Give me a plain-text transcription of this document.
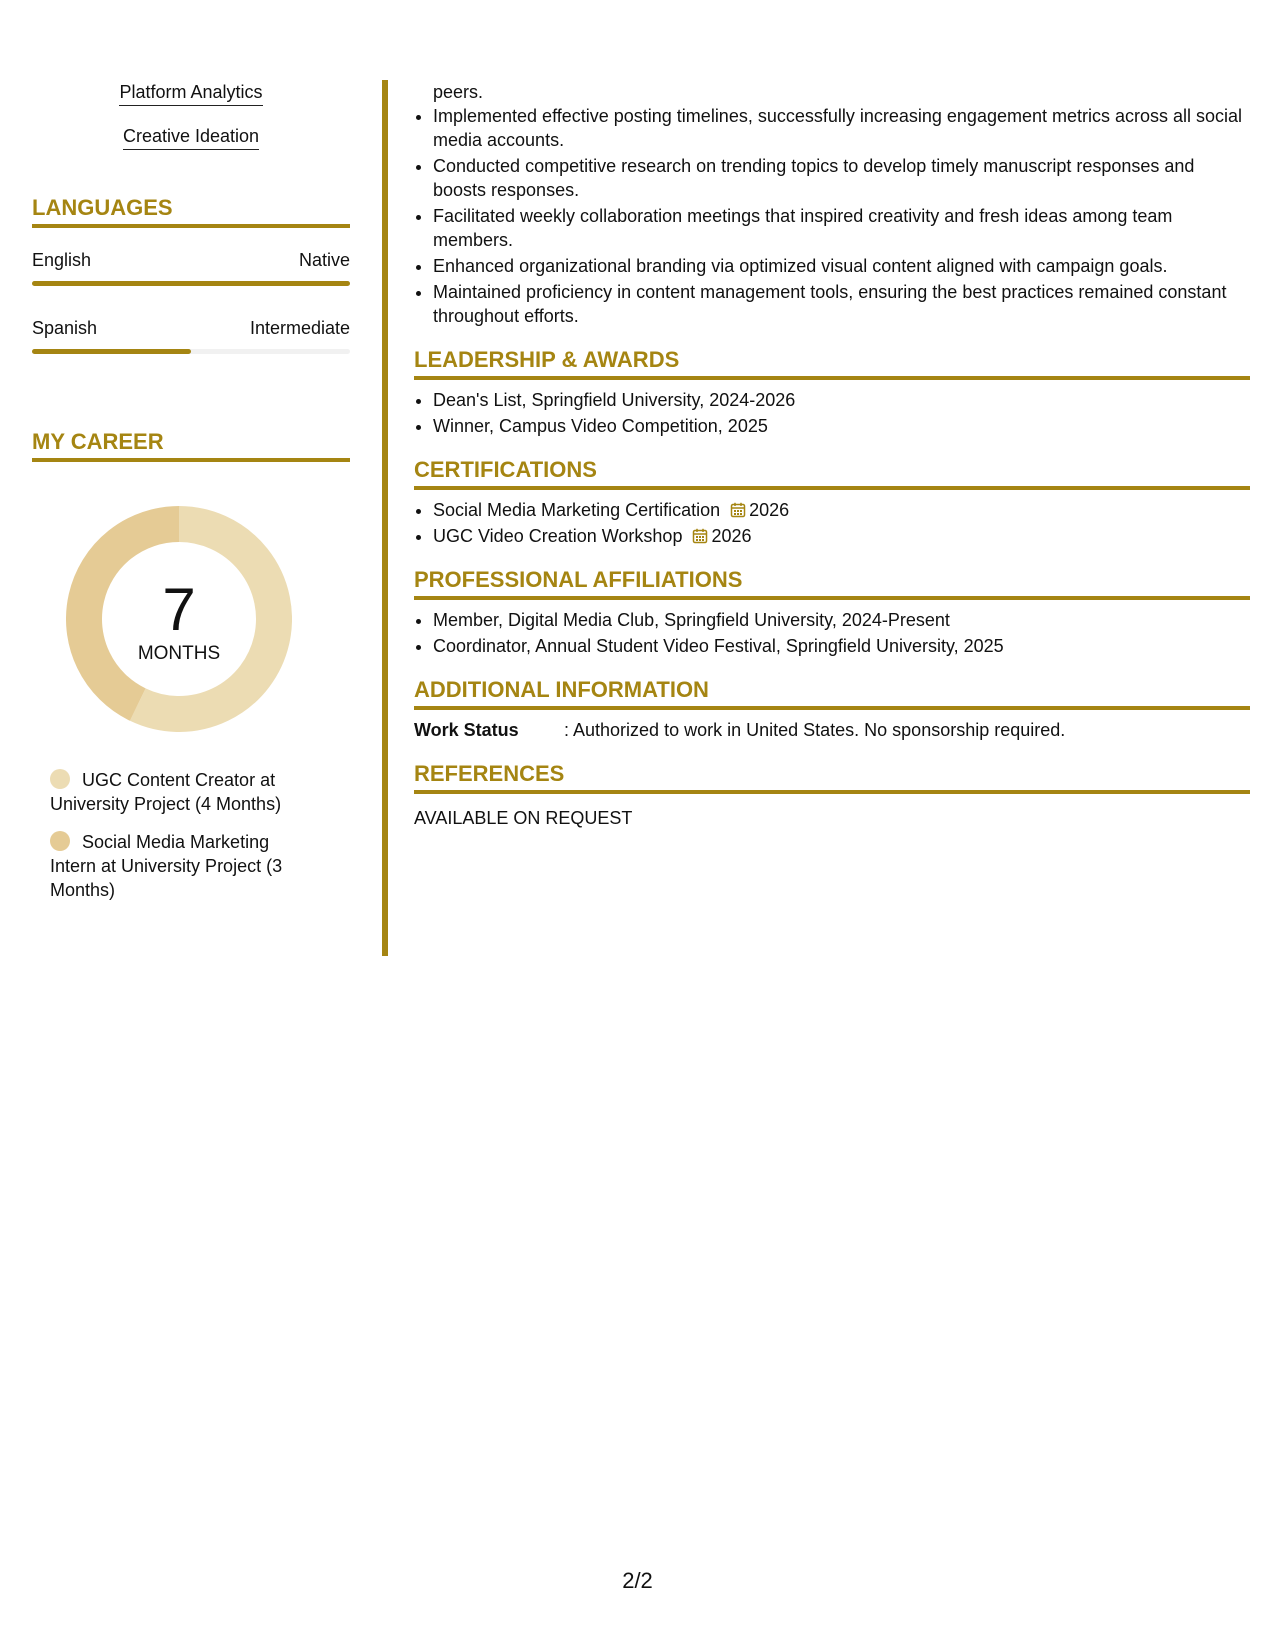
Platform Analytics
Creative Ideation
LANGUAGES
English	Native
Spanish	Intermediate
MY CAREER
7
MONTHS
UGC Content Creator at University Project (4 Months)
Social Media Marketing Intern at University Project (3 Months)
peers.
• Implemented effective posting timelines, successfully increasing engagement metrics across all social media accounts.
• Conducted competitive research on trending topics to develop timely manuscript responses and boosts responses.
• Facilitated weekly collaboration meetings that inspired creativity and fresh ideas among team members.
• Enhanced organizational branding via optimized visual content aligned with campaign goals.
• Maintained proficiency in content management tools, ensuring the best practices remained constant throughout efforts.
LEADERSHIP & AWARDS
• Dean's List, Springfield University, 2024-2026
• Winner, Campus Video Competition, 2025
CERTIFICATIONS
• Social Media Marketing Certification 2026
• UGC Video Creation Workshop 2026
PROFESSIONAL AFFILIATIONS
• Member, Digital Media Club, Springfield University, 2024-Present
• Coordinator, Annual Student Video Festival, Springfield University, 2025
ADDITIONAL INFORMATION
Work Status	: Authorized to work in United States. No sponsorship required.
REFERENCES
AVAILABLE ON REQUEST
2/2
